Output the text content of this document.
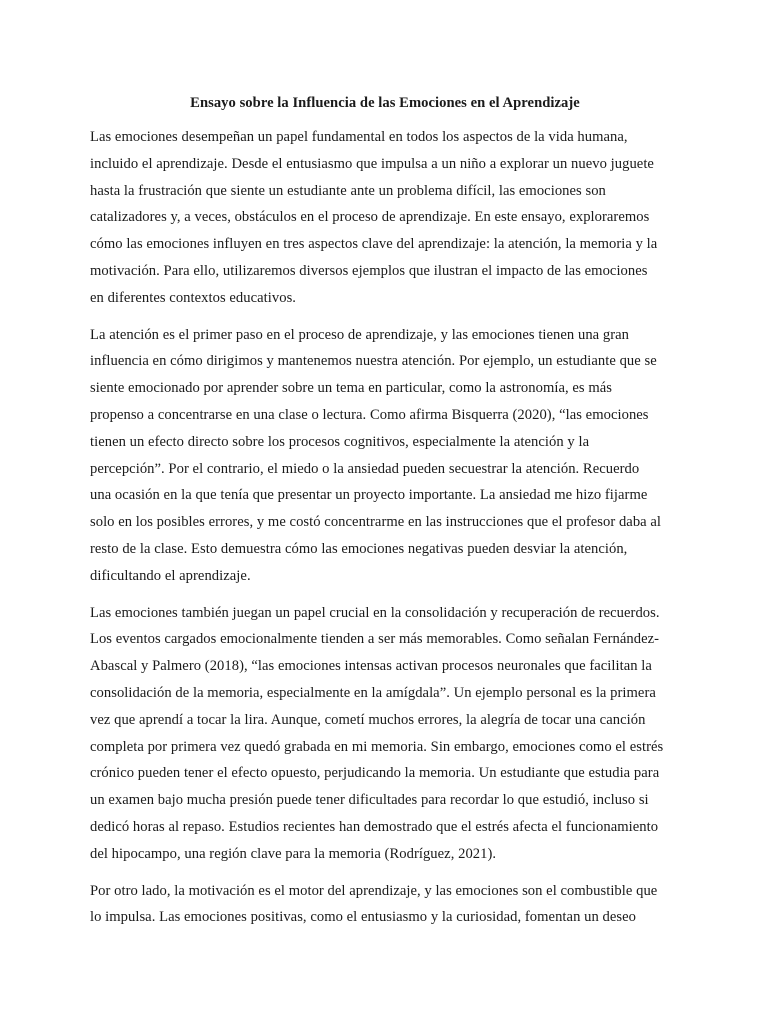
Ensayo sobre la Influencia de las Emociones en el Aprendizaje

Las emociones desempeñan un papel fundamental en todos los aspectos de la vida humana,
incluido el aprendizaje. Desde el entusiasmo que impulsa a un niño a explorar un nuevo juguete
hasta la frustración que siente un estudiante ante un problema difícil, las emociones son
catalizadores y, a veces, obstáculos en el proceso de aprendizaje. En este ensayo, exploraremos
cómo las emociones influyen en tres aspectos clave del aprendizaje: la atención, la memoria y la
motivación. Para ello, utilizaremos diversos ejemplos que ilustran el impacto de las emociones
en diferentes contextos educativos.

La atención es el primer paso en el proceso de aprendizaje, y las emociones tienen una gran
influencia en cómo dirigimos y mantenemos nuestra atención. Por ejemplo, un estudiante que se
siente emocionado por aprender sobre un tema en particular, como la astronomía, es más
propenso a concentrarse en una clase o lectura. Como afirma Bisquerra (2020), “las emociones
tienen un efecto directo sobre los procesos cognitivos, especialmente la atención y la
percepción”. Por el contrario, el miedo o la ansiedad pueden secuestrar la atención. Recuerdo
una ocasión en la que tenía que presentar un proyecto importante. La ansiedad me hizo fijarme
solo en los posibles errores, y me costó concentrarme en las instrucciones que el profesor daba al
resto de la clase. Esto demuestra cómo las emociones negativas pueden desviar la atención,
dificultando el aprendizaje.

Las emociones también juegan un papel crucial en la consolidación y recuperación de recuerdos.
Los eventos cargados emocionalmente tienden a ser más memorables. Como señalan Fernández-
Abascal y Palmero (2018), “las emociones intensas activan procesos neuronales que facilitan la
consolidación de la memoria, especialmente en la amígdala”. Un ejemplo personal es la primera
vez que aprendí a tocar la lira. Aunque, cometí muchos errores, la alegría de tocar una canción
completa por primera vez quedó grabada en mi memoria. Sin embargo, emociones como el estrés
crónico pueden tener el efecto opuesto, perjudicando la memoria. Un estudiante que estudia para
un examen bajo mucha presión puede tener dificultades para recordar lo que estudió, incluso si
dedicó horas al repaso. Estudios recientes han demostrado que el estrés afecta el funcionamiento
del hipocampo, una región clave para la memoria (Rodríguez, 2021).

Por otro lado, la motivación es el motor del aprendizaje, y las emociones son el combustible que
lo impulsa. Las emociones positivas, como el entusiasmo y la curiosidad, fomentan un deseo
